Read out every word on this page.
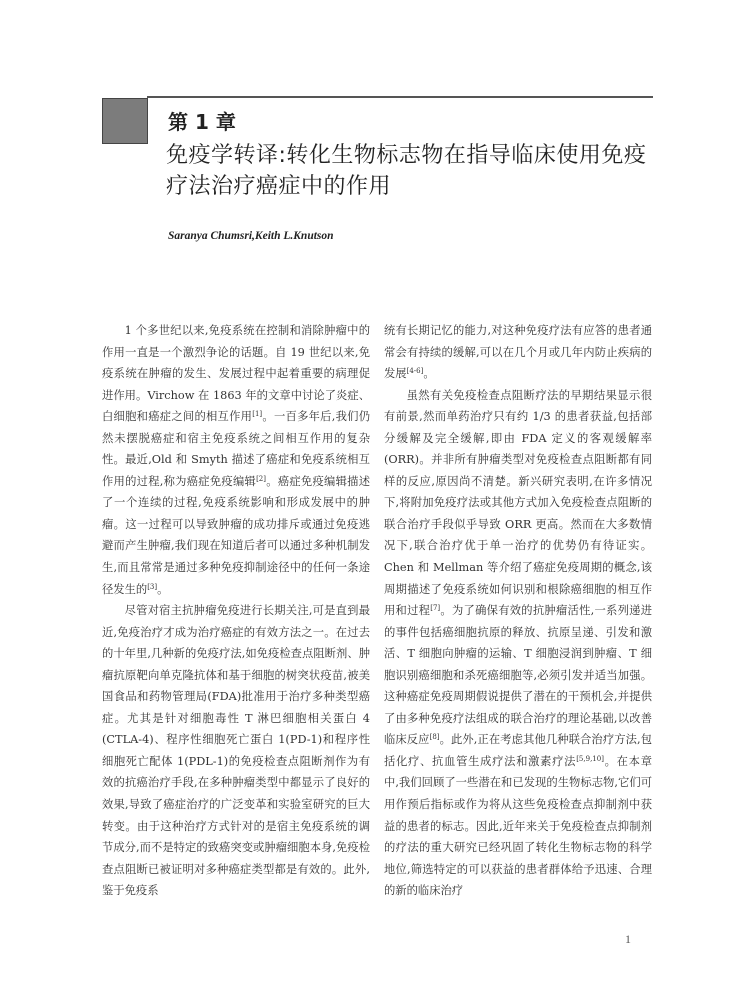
第 1 章
免疫学转译:转化生物标志物在指导临床使用免疫疗法治疗癌症中的作用
Saranya Chumsri,Keith L.Knutson

1 个多世纪以来,免疫系统在控制和消除肿瘤中的作用一直是一个激烈争论的话题。自 19 世纪以来,免疫系统在肿瘤的发生、发展过程中起着重要的病理促进作用。Virchow 在 1863 年的文章中讨论了炎症、白细胞和癌症之间的相互作用[1]。一百多年后,我们仍然未摆脱癌症和宿主免疫系统之间相互作用的复杂性。最近,Old 和 Smyth 描述了癌症和免疫系统相互作用的过程,称为癌症免疫编辑[2]。癌症免疫编辑描述了一个连续的过程,免疫系统影响和形成发展中的肿瘤。这一过程可以导致肿瘤的成功排斥或通过免疫逃避而产生肿瘤,我们现在知道后者可以通过多种机制发生,而且常常是通过多种免疫抑制途径中的任何一条途径发生的[3]。

尽管对宿主抗肿瘤免疫进行长期关注,可是直到最近,免疫治疗才成为治疗癌症的有效方法之一。在过去的十年里,几种新的免疫疗法,如免疫检查点阻断剂、肿瘤抗原靶向单克隆抗体和基于细胞的树突状疫苗,被美国食品和药物管理局(FDA)批准用于治疗多种类型癌症。尤其是针对细胞毒性 T 淋巴细胞相关蛋白 4 (CTLA-4)、程序性细胞死亡蛋白 1(PD-1)和程序性细胞死亡配体 1(PDL-1)的免疫检查点阻断剂作为有效的抗癌治疗手段,在多种肿瘤类型中都显示了良好的效果,导致了癌症治疗的广泛变革和实验室研究的巨大转变。由于这种治疗方式针对的是宿主免疫系统的调节成分,而不是特定的致癌突变或肿瘤细胞本身,免疫检查点阻断已被证明对多种癌症类型都是有效的。此外,鉴于免疫系

统有长期记忆的能力,对这种免疫疗法有应答的患者通常会有持续的缓解,可以在几个月或几年内防止疾病的发展[4-6]。

虽然有关免疫检查点阻断疗法的早期结果显示很有前景,然而单药治疗只有约 1/3 的患者获益,包括部分缓解及完全缓解,即由 FDA 定义的客观缓解率(ORR)。并非所有肿瘤类型对免疫检查点阻断都有同样的反应,原因尚不清楚。新兴研究表明,在许多情况下,将附加免疫疗法或其他方式加入免疫检查点阻断的联合治疗手段似乎导致 ORR 更高。然而在大多数情况下,联合治疗优于单一治疗的优势仍有待证实。Chen 和 Mellman 等介绍了癌症免疫周期的概念,该周期描述了免疫系统如何识别和根除癌细胞的相互作用和过程[7]。为了确保有效的抗肿瘤活性,一系列递进的事件包括癌细胞抗原的释放、抗原呈递、引发和激活、T 细胞向肿瘤的运输、T 细胞浸润到肿瘤、T 细胞识别癌细胞和杀死癌细胞等,必须引发并适当加强。这种癌症免疫周期假说提供了潜在的干预机会,并提供了由多种免疫疗法组成的联合治疗的理论基础,以改善临床反应[8]。此外,正在考虑其他几种联合治疗方法,包括化疗、抗血管生成疗法和激素疗法[5,9,10]。在本章中,我们回顾了一些潜在和已发现的生物标志物,它们可用作预后指标或作为将从这些免疫检查点抑制剂中获益的患者的标志。因此,近年来关于免疫检查点抑制剂的疗法的重大研究已经巩固了转化生物标志物的科学地位,筛选特定的可以获益的患者群体给予迅速、合理的新的临床治疗

1
